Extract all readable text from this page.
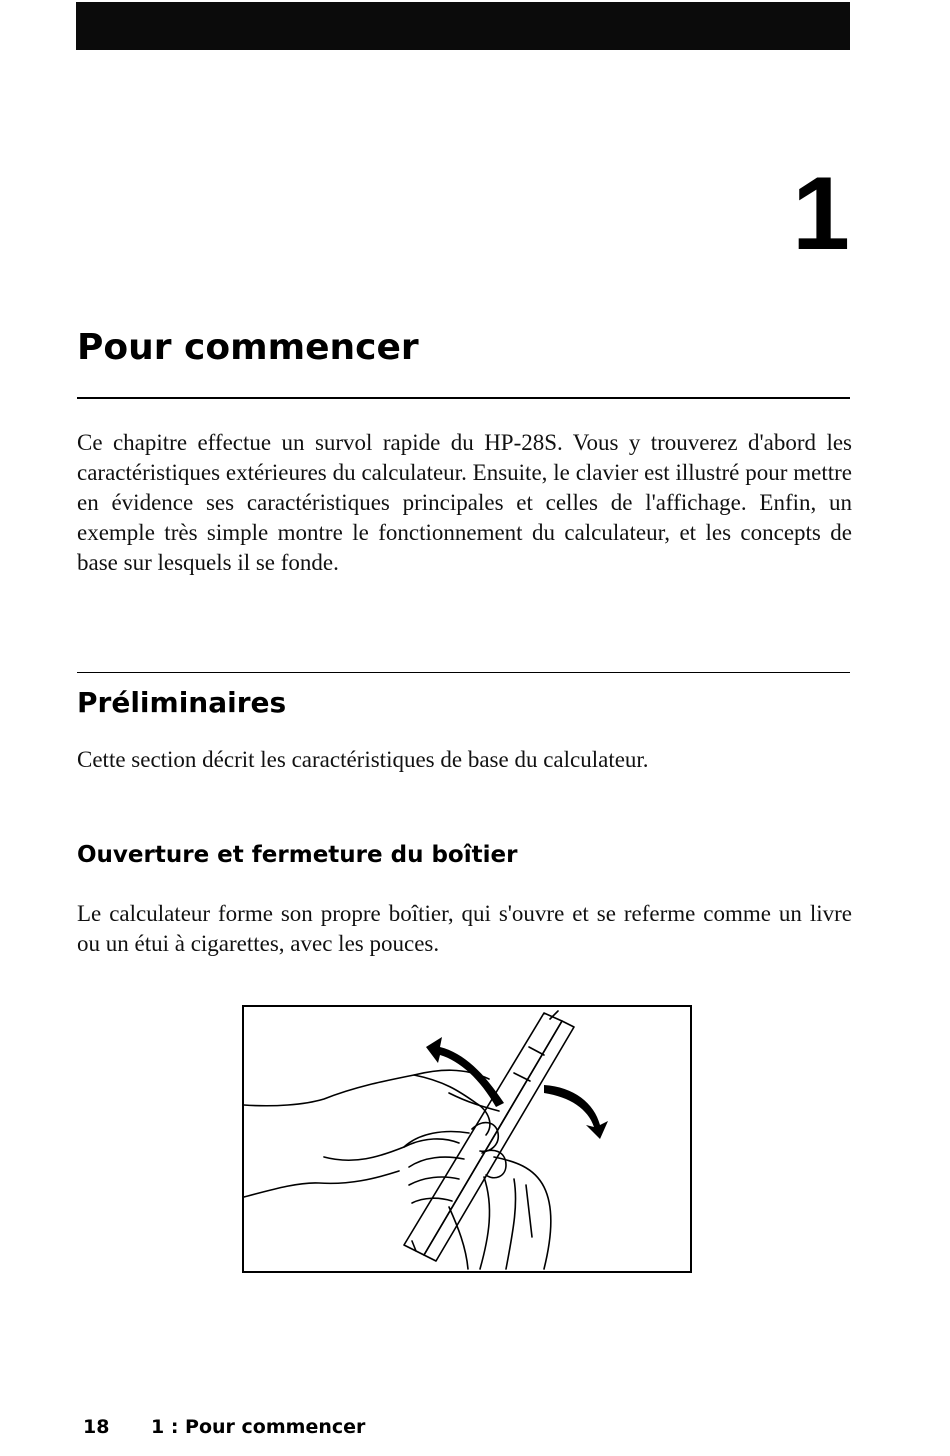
1
Pour commencer

Ce chapitre effectue un survol rapide du HP-28S. Vous y trouverez d'abord les caractéristiques extérieures du calculateur. Ensuite, le clavier est illustré pour mettre en évidence ses caractéristiques principales et celles de l'affichage. Enfin, un exemple très simple montre le fonctionnement du calculateur, et les concepts de base sur lesquels il se fonde.

Préliminaires

Cette section décrit les caractéristiques de base du calculateur.

Ouverture et fermeture du boîtier

Le calculateur forme son propre boîtier, qui s'ouvre et se referme comme un livre ou un étui à cigarettes, avec les pouces.

18 1 : Pour commencer
